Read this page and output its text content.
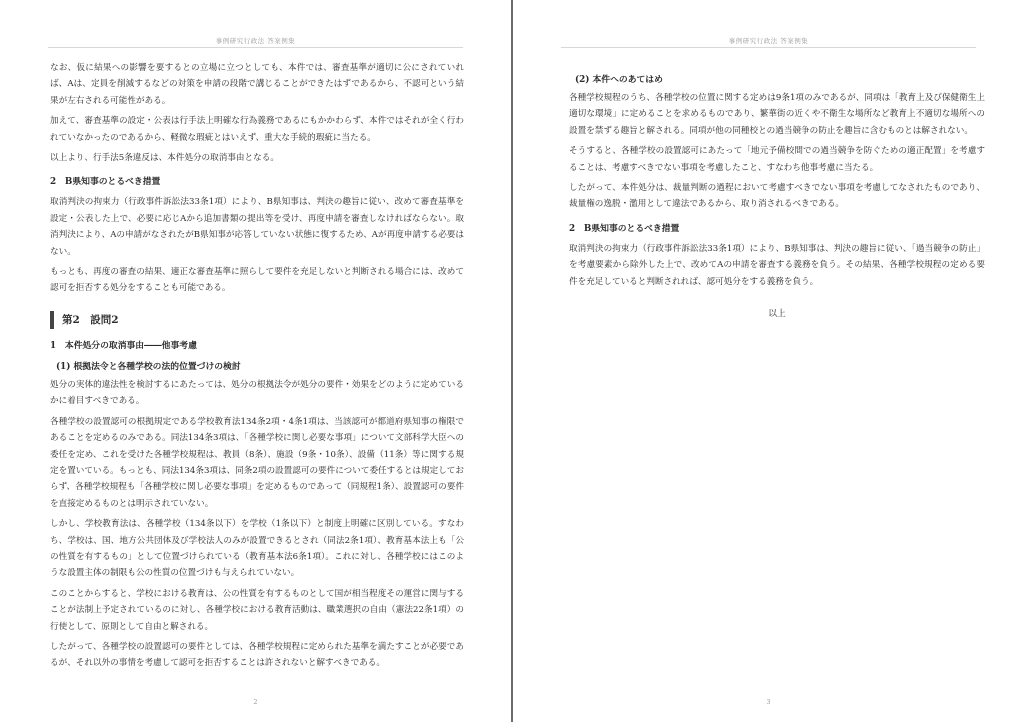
事例研究行政法 答案例集

なお、仮に結果への影響を要するとの立場に立つとしても、本件では、審査基準が適切に公にされていれば、Aは、定員を削減するなどの対策を申請の段階で講じることができたはずであるから、不認可という結果が左右される可能性がある。

加えて、審査基準の設定・公表は行手法上明確な行為義務であるにもかかわらず、本件ではそれが全く行われていなかったのであるから、軽微な瑕疵とはいえず、重大な手続的瑕疵に当たる。

以上より、行手法5条違反は、本件処分の取消事由となる。

2　B県知事のとるべき措置

取消判決の拘束力（行政事件訴訟法33条1項）により、B県知事は、判決の趣旨に従い、改めて審査基準を設定・公表した上で、必要に応じAから追加書類の提出等を受け、再度申請を審査しなければならない。取消判決により、Aの申請がなされたがB県知事が応答していない状態に復するため、Aが再度申請する必要はない。

もっとも、再度の審査の結果、適正な審査基準に照らして要件を充足しないと判断される場合には、改めて認可を拒否する処分をすることも可能である。

第2　設問2
1　本件処分の取消事由――他事考慮
(1) 根拠法令と各種学校の法的位置づけの検討

処分の実体的違法性を検討するにあたっては、処分の根拠法令が処分の要件・効果をどのように定めているかに着目すべきである。

各種学校の設置認可の根拠規定である学校教育法134条2項・4条1項は、当該認可が都道府県知事の権限であることを定めるのみである。同法134条3項は、「各種学校に関し必要な事項」について文部科学大臣への委任を定め、これを受けた各種学校規程は、教員（8条）、施設（9条・10条）、設備（11条）等に関する規定を置いている。もっとも、同法134条3項は、同条2項の設置認可の要件について委任するとは規定しておらず、各種学校規程も「各種学校に関し必要な事項」を定めるものであって（同規程1条）、設置認可の要件を直接定めるものとは明示されていない。

しかし、学校教育法は、各種学校（134条以下）を学校（1条以下）と制度上明確に区別している。すなわち、学校は、国、地方公共団体及び学校法人のみが設置できるとされ（同法2条1項）、教育基本法上も「公の性質を有するもの」として位置づけられている（教育基本法6条1項）。これに対し、各種学校にはこのような設置主体の制限も公の性質の位置づけも与えられていない。

このことからすると、学校における教育は、公の性質を有するものとして国が相当程度その運営に関与することが法制上予定されているのに対し、各種学校における教育活動は、職業選択の自由（憲法22条1項）の行使として、原則として自由と解される。

したがって、各種学校の設置認可の要件としては、各種学校規程に定められた基準を満たすことが必要であるが、それ以外の事情を考慮して認可を拒否することは許されないと解すべきである。

2
事例研究行政法 答案例集
(2) 本件へのあてはめ

各種学校規程のうち、各種学校の位置に関する定めは9条1項のみであるが、同項は「教育上及び保健衛生上適切な環境」に定めることを求めるものであり、繁華街の近くや不衛生な場所など教育上不適切な場所への設置を禁ずる趣旨と解される。同項が他の同種校との過当競争の防止を趣旨に含むものとは解されない。

そうすると、各種学校の設置認可にあたって「地元予備校間での過当競争を防ぐための適正配置」を考慮することは、考慮すべきでない事項を考慮したこと、すなわち他事考慮に当たる。

したがって、本件処分は、裁量判断の過程において考慮すべきでない事項を考慮してなされたものであり、裁量権の逸脱・濫用として違法であるから、取り消されるべきである。

2　B県知事のとるべき措置

取消判決の拘束力（行政事件訴訟法33条1項）により、B県知事は、判決の趣旨に従い、「過当競争の防止」を考慮要素から除外した上で、改めてAの申請を審査する義務を負う。その結果、各種学校規程の定める要件を充足していると判断されれば、認可処分をする義務を負う。

以上
3
